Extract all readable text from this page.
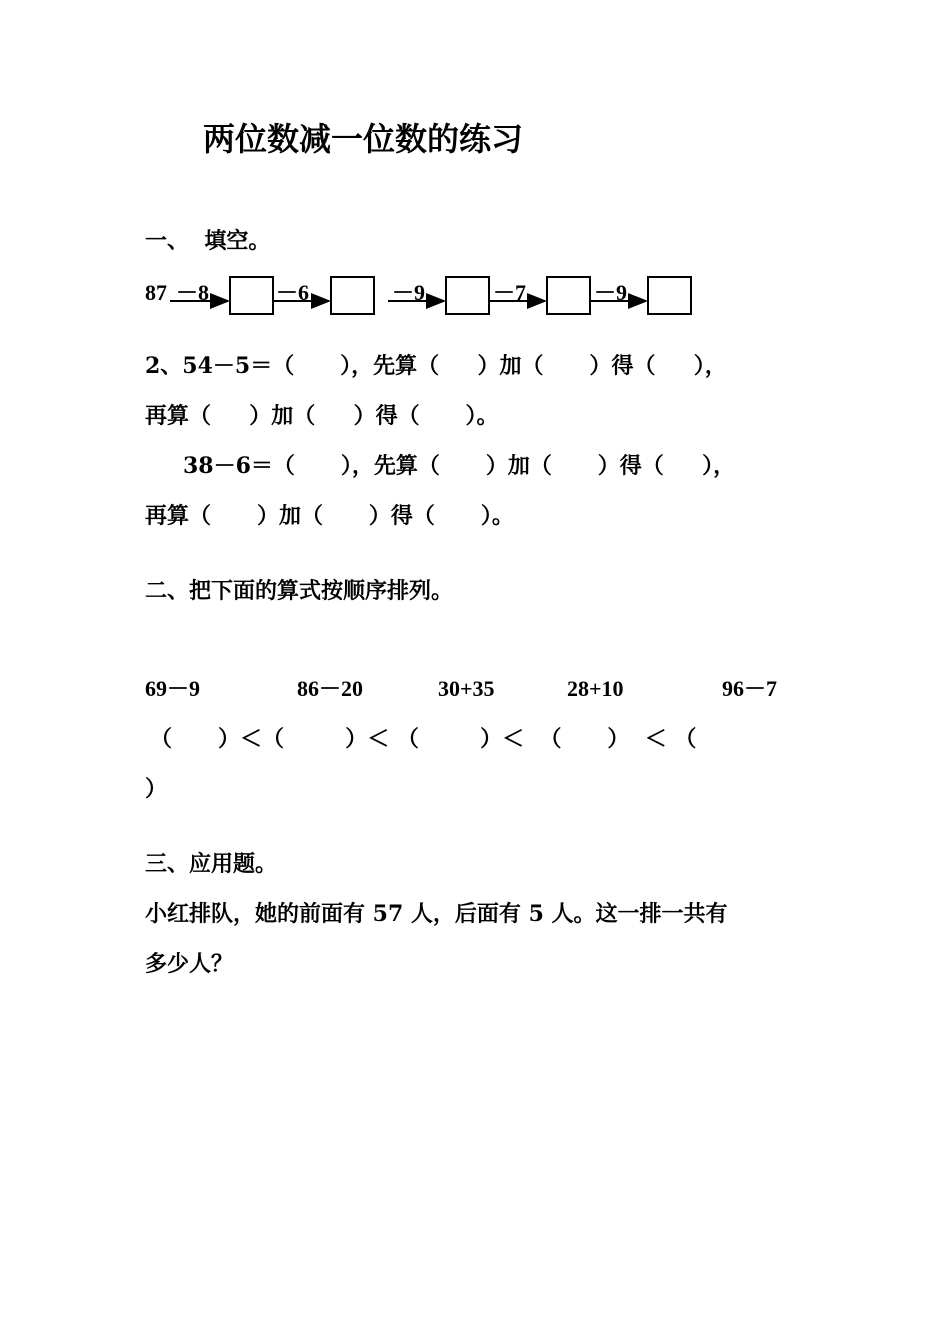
两位数减一位数的练习
一、  填空。
87 －8	－6	－9	－7	－9
2、54－5＝（      ），先算（     ）加（      ）得（     ），
再算（     ）加（     ）得（      ）。
38－6＝（      ），先算（      ）加（      ）得（     ），
再算（      ）加（      ）得（      ）。
二、把下面的算式按顺序排列。
69－9	86－20	30+35	28+10	96－7
（      ）＜（        ）＜ （        ）＜  （      ）  ＜ （
）
三、应用题。
小红排队，她的前面有 57 人，后面有 5 人。这一排一共有
多少人？
